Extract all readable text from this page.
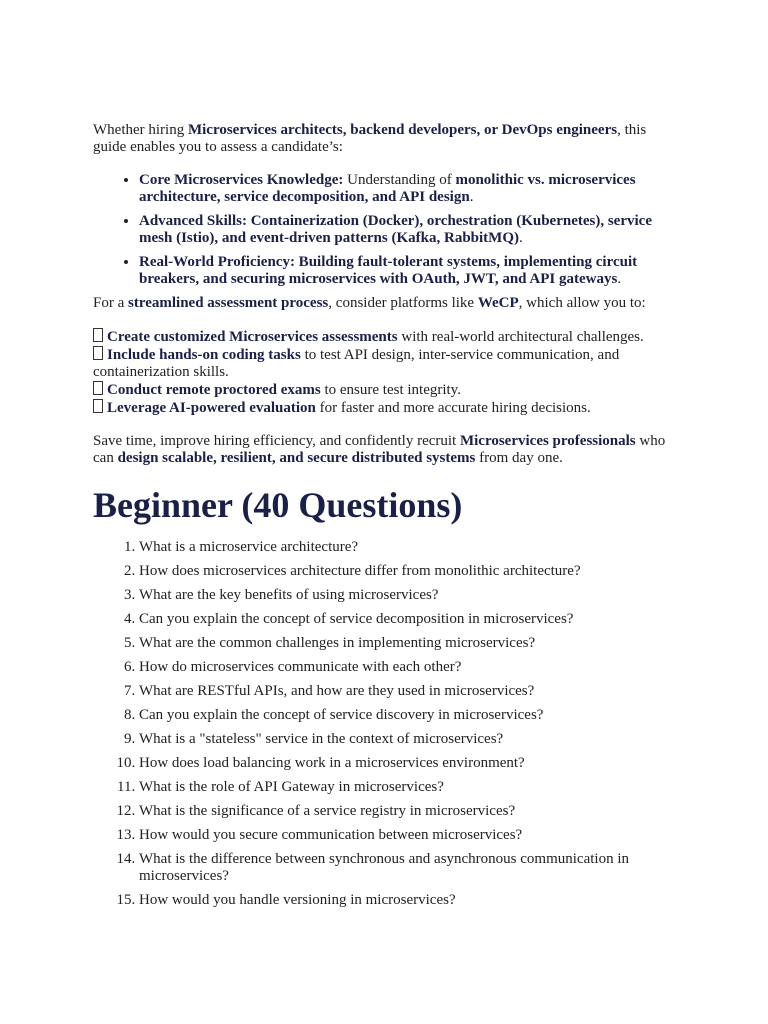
Whether hiring Microservices architects, backend developers, or DevOps engineers, this guide enables you to assess a candidate’s:

• Core Microservices Knowledge: Understanding of monolithic vs. microservices architecture, service decomposition, and API design.
• Advanced Skills: Containerization (Docker), orchestration (Kubernetes), service mesh (Istio), and event-driven patterns (Kafka, RabbitMQ).
• Real-World Proficiency: Building fault-tolerant systems, implementing circuit breakers, and securing microservices with OAuth, JWT, and API gateways.

For a streamlined assessment process, consider platforms like WeCP, which allow you to:

Create customized Microservices assessments with real-world architectural challenges.
Include hands-on coding tasks to test API design, inter-service communication, and containerization skills.
Conduct remote proctored exams to ensure test integrity.
Leverage AI-powered evaluation for faster and more accurate hiring decisions.

Save time, improve hiring efficiency, and confidently recruit Microservices professionals who can design scalable, resilient, and secure distributed systems from day one.

Beginner (40 Questions)
1. What is a microservice architecture?
2. How does microservices architecture differ from monolithic architecture?
3. What are the key benefits of using microservices?
4. Can you explain the concept of service decomposition in microservices?
5. What are the common challenges in implementing microservices?
6. How do microservices communicate with each other?
7. What are RESTful APIs, and how are they used in microservices?
8. Can you explain the concept of service discovery in microservices?
9. What is a "stateless" service in the context of microservices?
10. How does load balancing work in a microservices environment?
11. What is the role of API Gateway in microservices?
12. What is the significance of a service registry in microservices?
13. How would you secure communication between microservices?
14. What is the difference between synchronous and asynchronous communication in microservices?
15. How would you handle versioning in microservices?
